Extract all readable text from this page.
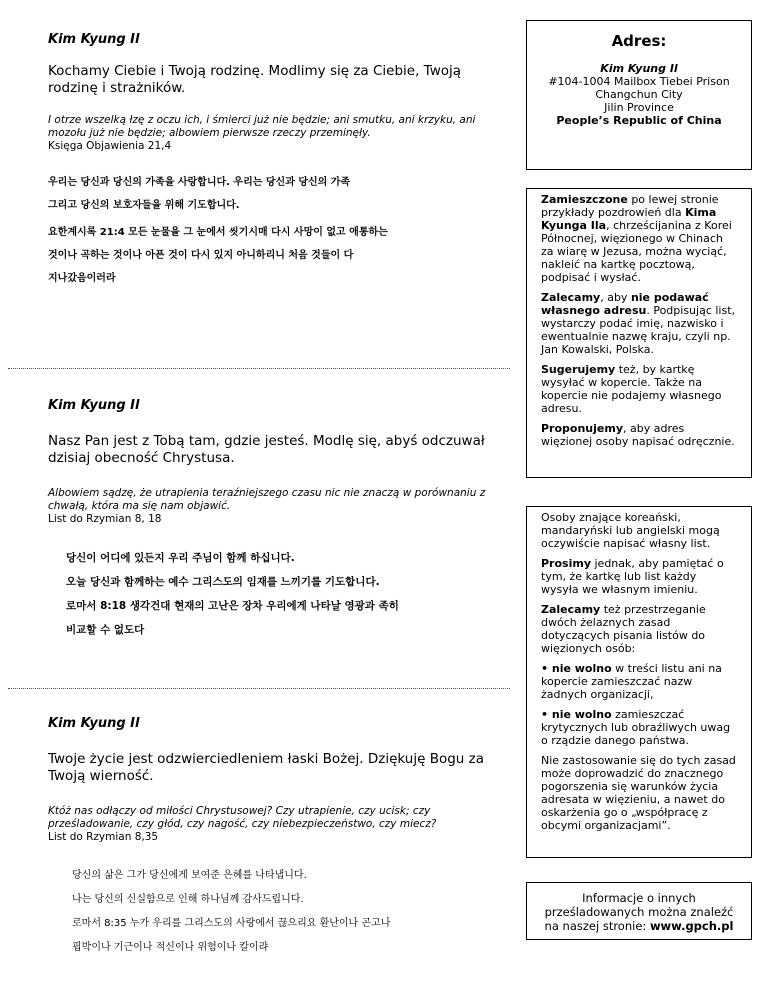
Kim Kyung Il
Kochamy Ciebie i Twoją rodzinę. Modlimy się za Ciebie, Twoją rodzinę i strażników.
I otrze wszelką łzę z oczu ich, i śmierci już nie będzie; ani smutku, ani krzyku, ani mozołu już nie będzie; albowiem pierwsze rzeczy przeminęły.
Księga Objawienia 21,4
우리는 당신과 당신의 가족을 사랑합니다. 우리는 당신과 당신의 가족
그리고 당신의 보호자들을 위해 기도합니다.
요한계시록 21:4 모든 눈물을 그 눈에서 씻기시매 다시 사망이 없고 애통하는
것이나 곡하는 것이나 아픈 것이 다시 있지 아니하리니 처음 것들이 다
지나갔음이러라
Kim Kyung Il
Nasz Pan jest z Tobą tam, gdzie jesteś. Modlę się, abyś odczuwał dzisiaj obecność Chrystusa.
Albowiem sądzę, że utrapienia teraźniejszego czasu nic nie znaczą w porównaniu z chwałą, która ma się nam objawić.
List do Rzymian 8, 18
당신이 어디에 있든지 우리 주님이 함께 하십니다.
오늘 당신과 함께하는 예수 그리스도의 임재를 느끼기를 기도합니다.
로마서 8:18 생각건대 현재의 고난은 장차 우리에게 나타날 영광과 족히
비교할 수 없도다
Kim Kyung Il
Twoje życie jest odzwierciedleniem łaski Bożej. Dziękuję Bogu za Twoją wierność.
Któż nas odłączy od miłości Chrystusowej? Czy utrapienie, czy ucisk; czy prześladowanie, czy głód, czy nagość, czy niebezpieczeństwo, czy miecz?
List do Rzymian 8,35
당신의 삶은 그가 당신에게 보여준 은혜를 나타냅니다.
나는 당신의 신실함으로 인해 하나님께 감사드립니다.
로마서 8:35 누가 우리를 그리스도의 사랑에서 끊으리요 환난이나 곤고나
핍박이나 기근이나 적신이나 위험이나 칼이랴
Adres:
Kim Kyung Il
#104-1004 Mailbox Tiebei Prison
Changchun City
Jilin Province
People’s Republic of China

Zamieszczone po lewej stronie przykłady pozdrowień dla Kima Kyunga Ila, chrześcijanina z Korei Północnej, więzionego w Chinach za wiarę w Jezusa, można wyciąć, nakleić na kartkę pocztową, podpisać i wysłać.

Zalecamy, aby nie podawać własnego adresu. Podpisując list, wystarczy podać imię, nazwisko i ewentualnie nazwę kraju, czyli np. Jan Kowalski, Polska.

Sugerujemy też, by kartkę wysyłać w kopercie. Także na kopercie nie podajemy własnego adresu.

Proponujemy, aby adres więzionej osoby napisać odręcznie.

Osoby znające koreański, mandaryński lub angielski mogą oczywiście napisać własny list.

Prosimy jednak, aby pamiętać o tym, że kartkę lub list każdy wysyła we własnym imieniu.

Zalecamy też przestrzeganie dwóch żelaznych zasad dotyczących pisania listów do więzionych osób:

• nie wolno w treści listu ani na kopercie zamieszczać nazw żadnych organizacji,

• nie wolno zamieszczać krytycznych lub obraźliwych uwag o rządzie danego państwa.

Nie zastosowanie się do tych zasad może doprowadzić do znacznego pogorszenia się warunków życia adresata w więzieniu, a nawet do oskarżenia go o „współpracę z obcymi organizacjami”.

Informacje o innych prześladowanych można znaleźć na naszej stronie: www.gpch.pl
